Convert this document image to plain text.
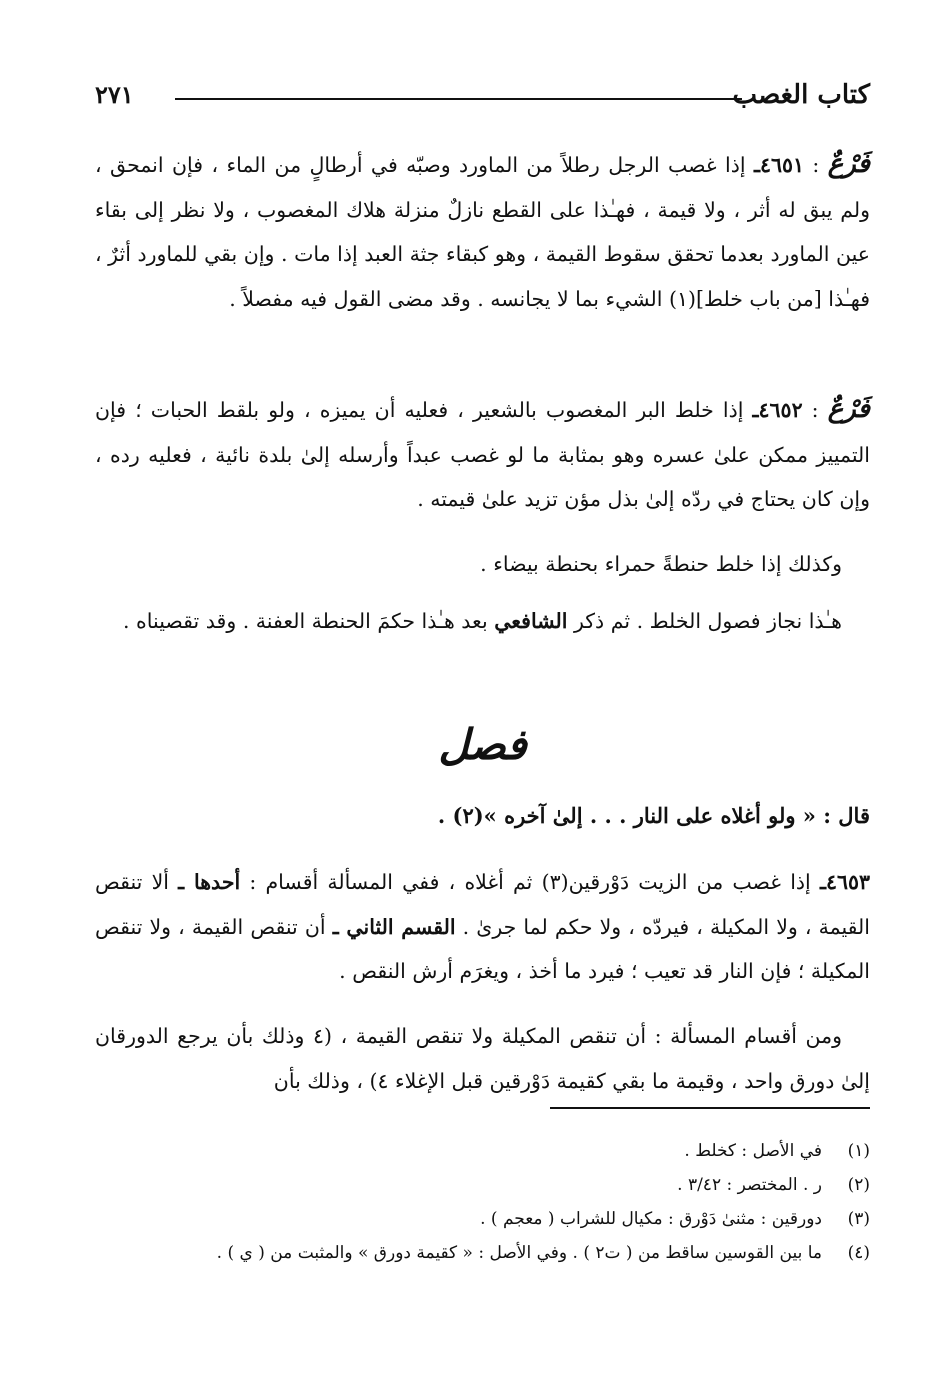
كتاب الغصب
٢٧١

فَرْعٌ : ٤٦٥١ـ إذا غصب الرجل رطلاً من الماورد وصبّه في أرطالٍ من الماء ، فإن انمحق ، ولم يبق له أثر ، ولا قيمة ، فهـٰذا على القطع نازلٌ منزلة هلاك المغصوب ، ولا نظر إلى بقاء عين الماورد بعدما تحقق سقوط القيمة ، وهو كبقاء جثة العبد إذا مات . وإن بقي للماورد أثرٌ ، فهـٰذا [من باب خلط](١) الشيء بما لا يجانسه . وقد مضى القول فيه مفصلاً .

فَرْعٌ : ٤٦٥٢ـ إذا خلط البر المغصوب بالشعير ، فعليه أن يميزه ، ولو بلقط الحبات ؛ فإن التمييز ممكن علىٰ عسره وهو بمثابة ما لو غصب عبداً وأرسله إلىٰ بلدة نائية ، فعليه رده ، وإن كان يحتاج في ردّه إلىٰ بذل مؤن تزيد علىٰ قيمته .

وكذلك إذا خلط حنطةً حمراء بحنطة بيضاء .

هـٰذا نجاز فصول الخلط . ثم ذكر الشافعي بعد هـٰذا حكمَ الحنطة العفنة . وقد تقصيناه .

فصل

قال : « ولو أغلاه على النار . . . إلىٰ آخره »(٢) .

٤٦٥٣ـ إذا غصب من الزيت دَوْرقين(٣) ثم أغلاه ، ففي المسألة أقسام : أحدها ـ ألا تنقص القيمة ، ولا المكيلة ، فيردّه ، ولا حكم لما جرىٰ . القسم الثاني ـ أن تنقص القيمة ، ولا تنقص المكيلة ؛ فإن النار قد تعيب ؛ فيرد ما أخذ ، ويغرَم أرش النقص .

ومن أقسام المسألة : أن تنقص المكيلة ولا تنقص القيمة ، (٤ وذلك بأن يرجع الدورقان إلىٰ دورق واحد ، وقيمة ما بقي كقيمة دَوْرقين قبل الإغلاء ٤) ، وذلك بأن

(١)
في الأصل : كخلط .
(٢)
ر . المختصر : ٣/٤٢ .
(٣)
دورقين : مثنىٰ دَوْرق : مكيال للشراب ( معجم ) .
(٤)
ما بين القوسين ساقط من ( ت٢ ) . وفي الأصل : « كقيمة دورق » والمثبت من ( ي ) .
